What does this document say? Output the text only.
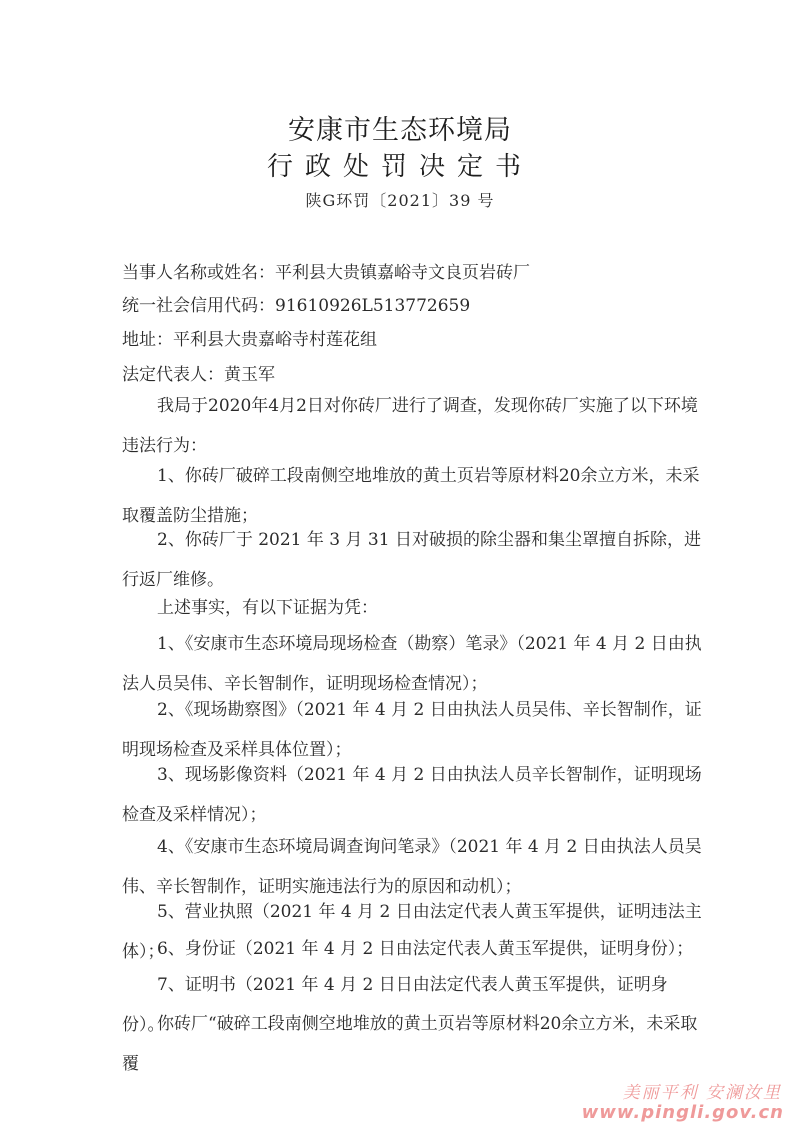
安康市生态环境局
行政处罚决定书
陕G环罚〔2021〕39 号
当事人名称或姓名：平利县大贵镇嘉峪寺文良页岩砖厂
统一社会信用代码：91610926L513772659
地址：平利县大贵嘉峪寺村莲花组
法定代表人：黄玉军
我局于2020年4月2日对你砖厂进行了调查，发现你砖厂实施了以下环境违法行为：
1、你砖厂破碎工段南侧空地堆放的黄土页岩等原材料20余立方米，未采取覆盖防尘措施；
2、你砖厂于 2021 年 3 月 31 日对破损的除尘器和集尘罩擅自拆除，进行返厂维修。
上述事实，有以下证据为凭：
1、《安康市生态环境局现场检查（勘察）笔录》（2021 年 4 月 2 日由执法人员吴伟、辛长智制作，证明现场检查情况）；
2、《现场勘察图》（2021 年 4 月 2 日由执法人员吴伟、辛长智制作，证明现场检查及采样具体位置）；
3、现场影像资料（2021 年 4 月 2 日由执法人员辛长智制作，证明现场检查及采样情况）；
4、《安康市生态环境局调查询问笔录》（2021 年 4 月 2 日由执法人员吴伟、辛长智制作，证明实施违法行为的原因和动机）；
5、营业执照（2021 年 4 月 2 日由法定代表人黄玉军提供，证明违法主体）；
6、身份证（2021 年 4 月 2 日由法定代表人黄玉军提供，证明身份）；
7、证明书（2021 年 4 月 2 日日由法定代表人黄玉军提供，证明身份）。
你砖厂“破碎工段南侧空地堆放的黄土页岩等原材料20余立方米，未采取覆
美丽平利 安澜汝里
www.pingli.gov.cn
